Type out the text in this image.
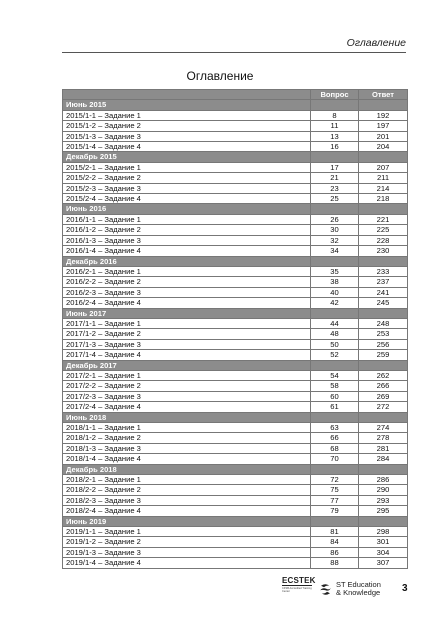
Оглавление
Оглавление
	Вопрос	Ответ
Июнь 2015		
2015/1-1 – Задание 1	8	192
2015/1-2 – Задание 2	11	197
2015/1-3 – Задание 3	13	201
2015/1-4 – Задание 4	16	204
Декабрь 2015		
2015/2-1 – Задание 1	17	207
2015/2-2 – Задание 2	21	211
2015/2-3 – Задание 3	23	214
2015/2-4 – Задание 4	25	218
Июнь 2016		
2016/1-1 – Задание 1	26	221
2016/1-2 – Задание 2	30	225
2016/1-3 – Задание 3	32	228
2016/1-4 – Задание 4	34	230
Декабрь 2016		
2016/2-1 – Задание 1	35	233
2016/2-2 – Задание 2	38	237
2016/2-3 – Задание 3	40	241
2016/2-4 – Задание 4	42	245
Июнь 2017		
2017/1-1 – Задание 1	44	248
2017/1-2 – Задание 2	48	253
2017/1-3 – Задание 3	50	256
2017/1-4 – Задание 4	52	259
Декабрь 2017		
2017/2-1 – Задание 1	54	262
2017/2-2 – Задание 2	58	266
2017/2-3 – Задание 3	60	269
2017/2-4 – Задание 4	61	272
Июнь 2018		
2018/1-1 – Задание 1	63	274
2018/1-2 – Задание 2	66	278
2018/1-3 – Задание 3	68	281
2018/1-4 – Задание 4	70	284
Декабрь 2018		
2018/2-1 – Задание 1	72	286
2018/2-2 – Задание 2	75	290
2018/2-3 – Задание 3	77	293
2018/2-4 – Задание 4	79	295
Июнь 2019		
2019/1-1 – Задание 1	81	298
2019/1-2 – Задание 2	84	301
2019/1-3 – Задание 3	86	304
2019/1-4 – Задание 4	88	307
ECSTEK
CFSB Accredited Training Center
ST Education
& Knowledge 3
